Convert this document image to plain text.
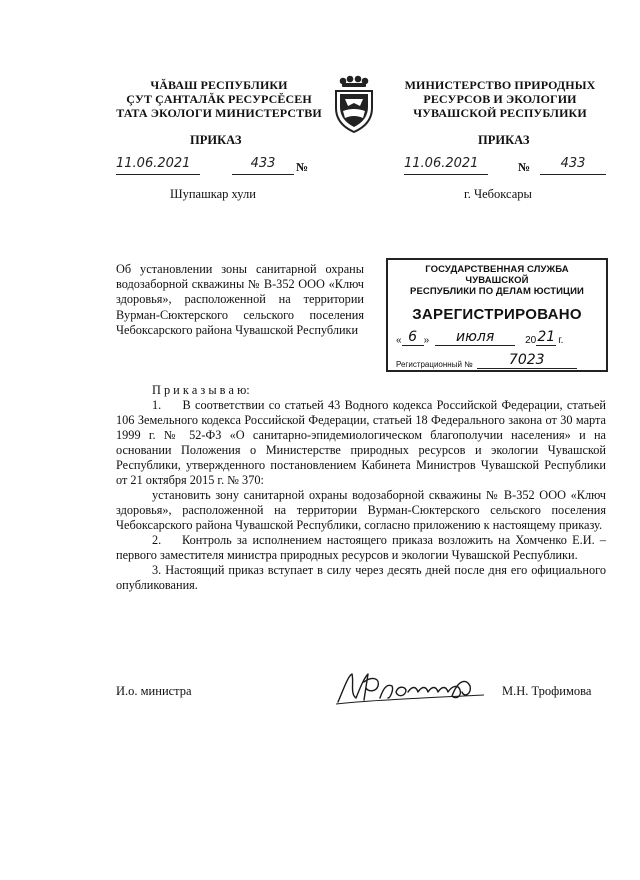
ЧĂВАШ РЕСПУБЛИКИ
ÇУТ ÇАНТАЛĂК РЕСУРСĔСЕН
ТАТА ЭКОЛОГИ МИНИСТЕРСТВИ
МИНИСТЕРСТВО ПРИРОДНЫХ
РЕСУРСОВ И ЭКОЛОГИИ
ЧУВАШСКОЙ РЕСПУБЛИКИ
ПРИКАЗ	ПРИКАЗ
11.06.2021	433	№	11.06.2021	№	433
Шупашкар хули	г. Чебоксары
Об установлении зоны санитарной охраны водозаборной скважины № В-352 ООО «Ключ здоровья», расположенной на территории Вурман-Сюктерского сельского поселения Чебоксарского района Чувашской Республики
ГОСУДАРСТВЕННАЯ СЛУЖБА ЧУВАШСКОЙ
РЕСПУБЛИКИ ПО ДЕЛАМ ЮСТИЦИИ
ЗАРЕГИСТРИРОВАНО
« 6 »	июля	20 21 г.
Регистрационный №	7023

П р и к а з ы в а ю:

1.     В соответствии со статьей 43 Водного кодекса Российской Федерации, статьей 106 Земельного кодекса Российской Федерации, статьей 18 Федерального закона от 30 марта 1999 г. № 52-ФЗ «О санитарно-эпидемиологическом благополучии населения» и на основании Положения о Министерстве природных ресурсов и экологии Чувашской Республики, утвержденного постановлением Кабинета Министров Чувашской Республики от 21 октября 2015 г. № 370:

установить зону санитарной охраны водозаборной скважины № В-352 ООО «Ключ здоровья», расположенной на территории Вурман-Сюктерского сельского поселения Чебоксарского района Чувашской Республики, согласно приложению к настоящему приказу.

2.    Контроль за исполнением настоящего приказа возложить на Хомченко Е.И. – первого заместителя министра природных ресурсов и экологии Чувашской Республики.

3. Настоящий приказ вступает в силу через десять дней после дня его официального опубликования.

И.о. министра	М.Н. Трофимова
